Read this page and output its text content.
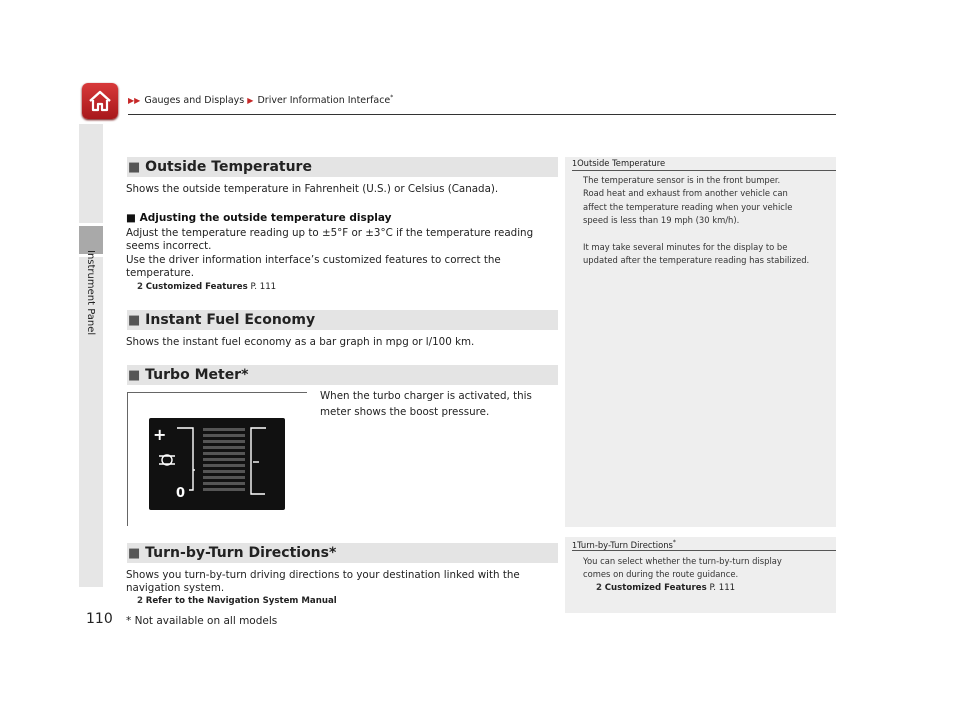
▶▶ Gauges and Displays ▶ Driver Information Interface*
Instrument Panel
110
■ Outside Temperature
Shows the outside temperature in Fahrenheit (U.S.) or Celsius (Canada).
■ Adjusting the outside temperature display
Adjust the temperature reading up to ±5°F or ±3°C if the temperature reading
seems incorrect.
Use the driver information interface’s customized features to correct the
temperature.
2 Customized Features P. 111
■ Instant Fuel Economy
Shows the instant fuel economy as a bar graph in mpg or l/100 km.
■ Turbo Meter*
When the turbo charger is activated, this
meter shows the boost pressure.
+
0
■ Turn-by-Turn Directions*
Shows you turn-by-turn driving directions to your destination linked with the
navigation system.
2 Refer to the Navigation System Manual
* Not available on all models
1Outside Temperature
The temperature sensor is in the front bumper.
Road heat and exhaust from another vehicle can
affect the temperature reading when your vehicle
speed is less than 19 mph (30 km/h).
It may take several minutes for the display to be
updated after the temperature reading has stabilized.
1Turn-by-Turn Directions*
You can select whether the turn-by-turn display
comes on during the route guidance.
2 Customized Features P. 111
